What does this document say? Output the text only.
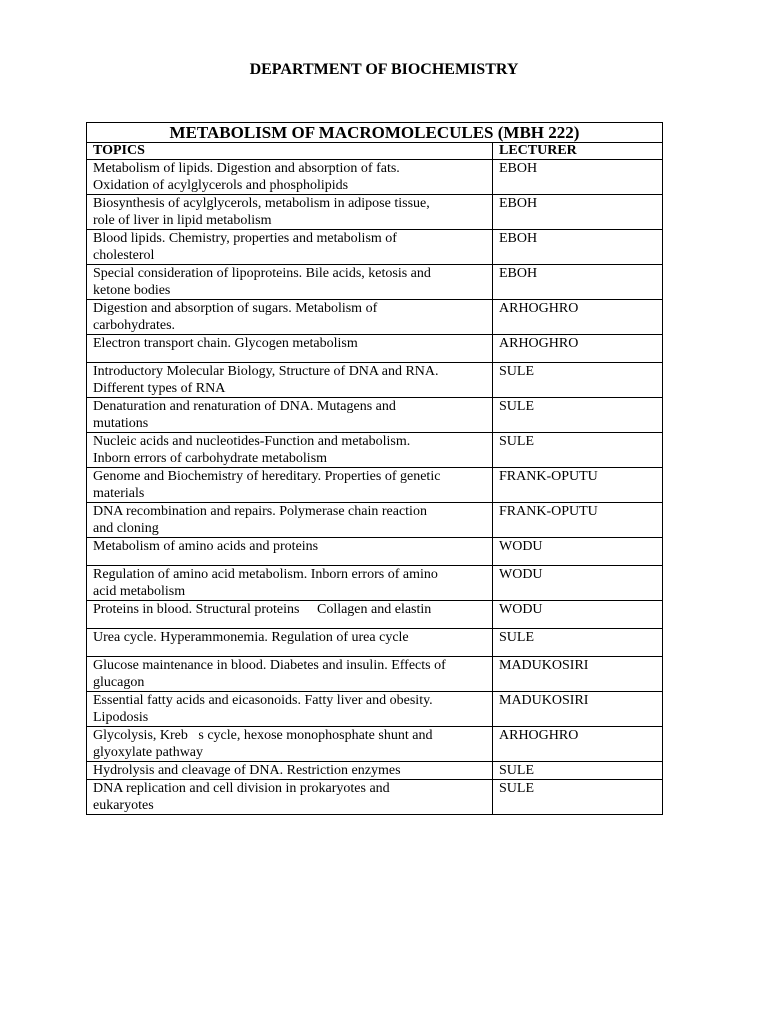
DEPARTMENT OF BIOCHEMISTRY
METABOLISM OF MACROMOLECULES (MBH 222)	
TOPICS	LECTURER
Metabolism of lipids. Digestion and absorption of fats.
Oxidation of acylglycerols and phospholipids	EBOH
Biosynthesis of acylglycerols, metabolism in adipose tissue,
role of liver in lipid metabolism	EBOH
Blood lipids. Chemistry, properties and metabolism of
cholesterol	EBOH
Special consideration of lipoproteins. Bile acids, ketosis and
ketone bodies	EBOH
Digestion and absorption of sugars. Metabolism of
carbohydrates.	ARHOGHRO
Electron transport chain. Glycogen metabolism	ARHOGHRO
Introductory Molecular Biology, Structure of DNA and RNA.
Different types of RNA	SULE
Denaturation and renaturation of DNA. Mutagens and
mutations	SULE
Nucleic acids and nucleotides-Function and metabolism.
Inborn errors of carbohydrate metabolism	SULE
Genome and Biochemistry of hereditary. Properties of genetic
materials	FRANK-OPUTU
DNA recombination and repairs. Polymerase chain reaction
and cloning	FRANK-OPUTU
Metabolism of amino acids and proteins	WODU
Regulation of amino acid metabolism. Inborn errors of amino
acid metabolism	WODU
Proteins in blood. Structural proteins     Collagen and elastin	WODU
Urea cycle. Hyperammonemia. Regulation of urea cycle	SULE
Glucose maintenance in blood. Diabetes and insulin. Effects of
glucagon	MADUKOSIRI
Essential fatty acids and eicasonoids. Fatty liver and obesity.
Lipodosis	MADUKOSIRI
Glycolysis, Kreb   s cycle, hexose monophosphate shunt and
glyoxylate pathway	ARHOGHRO
Hydrolysis and cleavage of DNA. Restriction enzymes	SULE
DNA replication and cell division in prokaryotes and
eukaryotes	SULE
